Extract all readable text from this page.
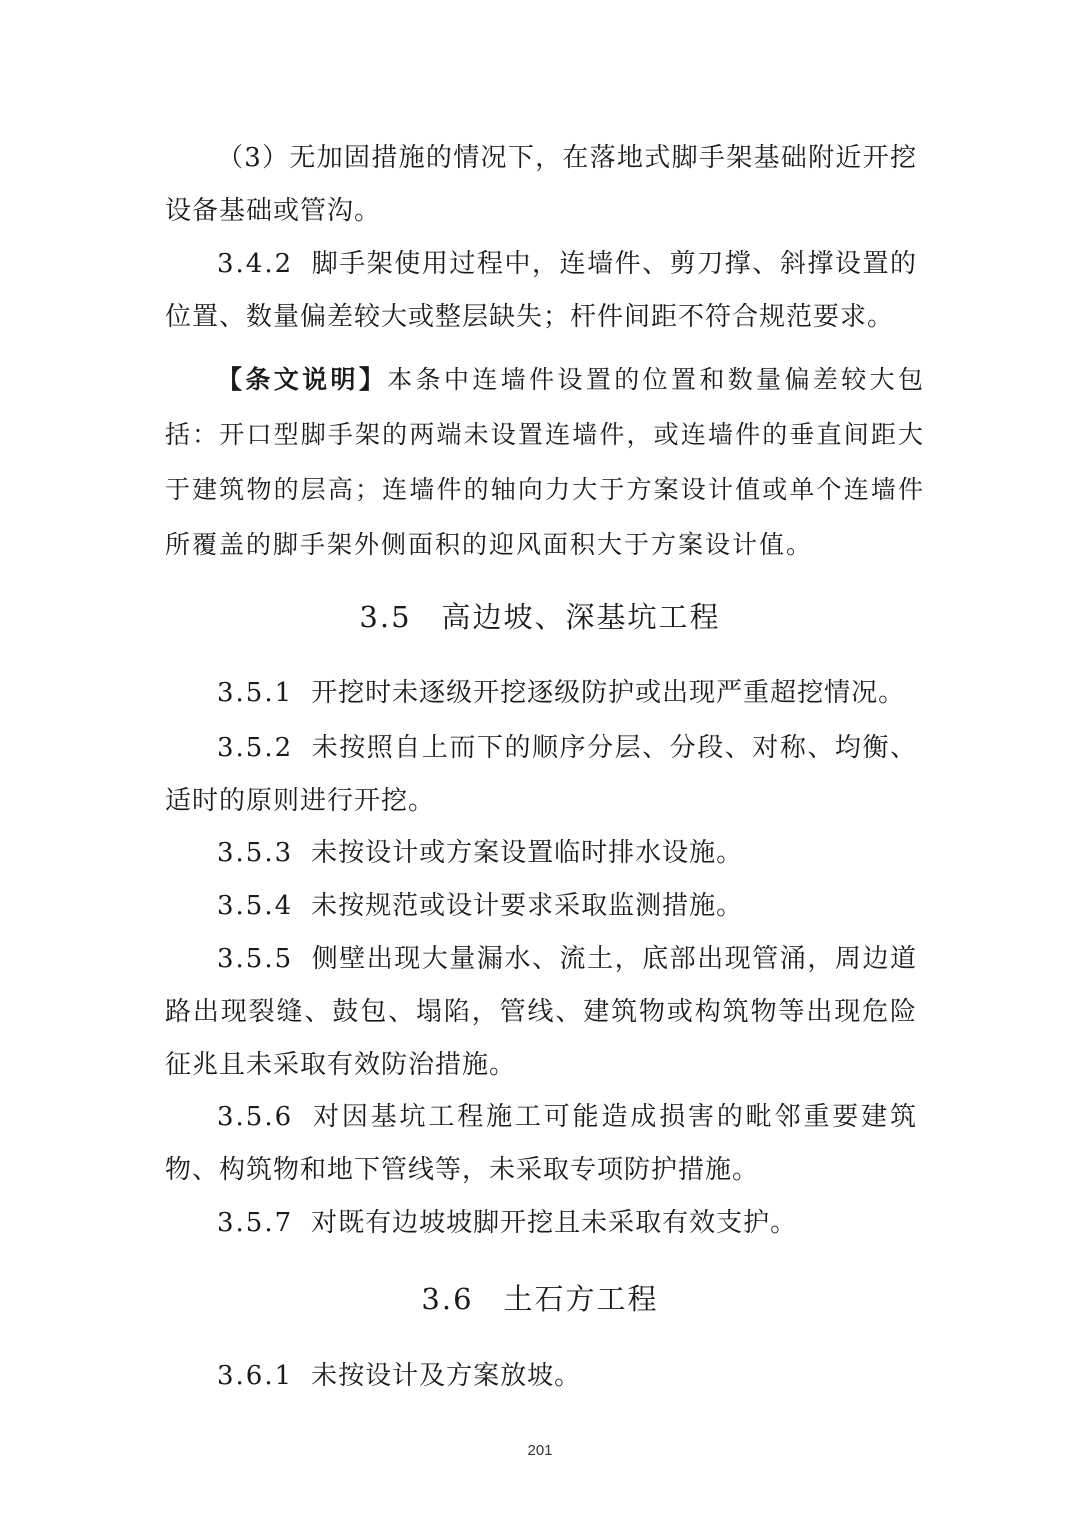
（3）无加固措施的情况下，在落地式脚手架基础附近开挖设备基础或管沟。

3.4.2 脚手架使用过程中，连墙件、剪刀撑、斜撑设置的位置、数量偏差较大或整层缺失；杆件间距不符合规范要求。

【条文说明】本条中连墙件设置的位置和数量偏差较大包括：开口型脚手架的两端未设置连墙件，或连墙件的垂直间距大于建筑物的层高；连墙件的轴向力大于方案设计值或单个连墙件所覆盖的脚手架外侧面积的迎风面积大于方案设计值。

3.5 高边坡、深基坑工程

3.5.1 开挖时未逐级开挖逐级防护或出现严重超挖情况。

3.5.2 未按照自上而下的顺序分层、分段、对称、均衡、适时的原则进行开挖。

3.5.3 未按设计或方案设置临时排水设施。

3.5.4 未按规范或设计要求采取监测措施。

3.5.5 侧壁出现大量漏水、流土，底部出现管涌，周边道路出现裂缝、鼓包、塌陷，管线、建筑物或构筑物等出现危险征兆且未采取有效防治措施。

3.5.6 对因基坑工程施工可能造成损害的毗邻重要建筑物、构筑物和地下管线等，未采取专项防护措施。

3.5.7 对既有边坡坡脚开挖且未采取有效支护。

3.6 土石方工程

3.6.1 未按设计及方案放坡。

201
